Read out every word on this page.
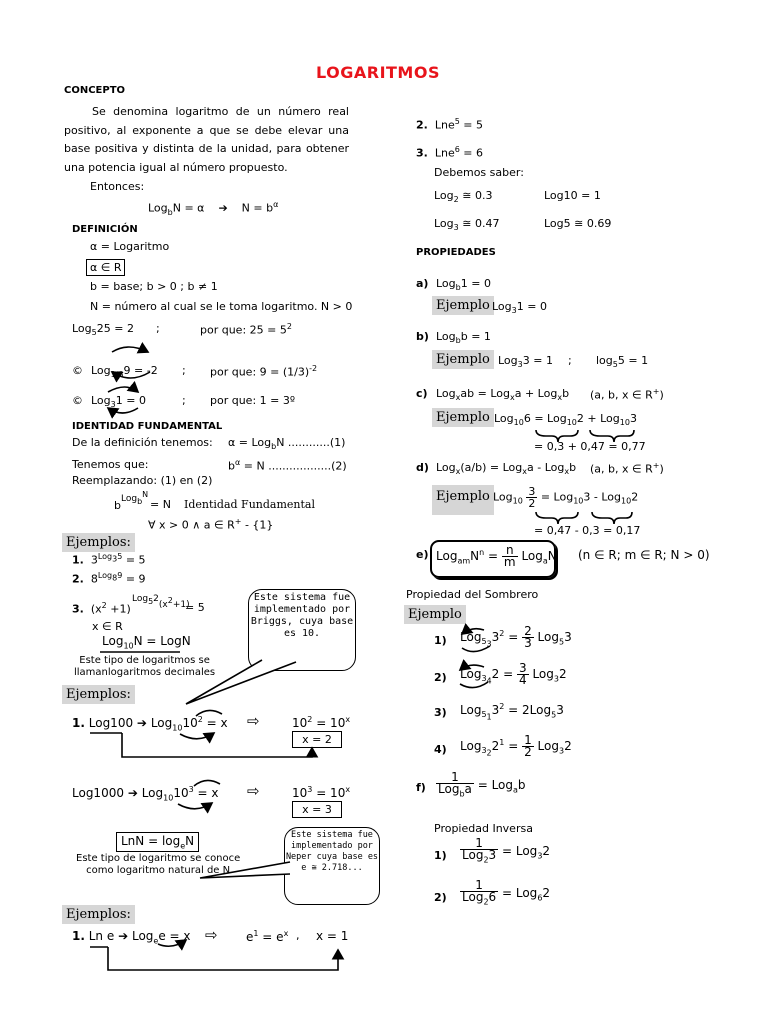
LOGARITMOS
CONCEPTO
Se denomina logaritmo de un número real positivo, al exponente a que se debe elevar una base positiva y distinta de la unidad, para obtener una potencia igual al número propuesto.
Entonces:
Log$_b$N = α ➔ $N = b^\alpha$
DEFINICIÓN
α = Logaritmo
α ∈ R
b = base; b > 0 ; b ≠ 1
N = número al cual se le toma logaritmo. N > 0
Log$_5$25 = 2 ;	por que: $25 = 5^2$
© Log$_{1/3}$9 = -2 ; por que: $9 = (1/3)^{-2}$
© Log$_3$1 = 0	; por que: 1 = 3º
IDENTIDAD FUNDAMENTAL
De la definición tenemos: α = Log$_b$N ............(1)
Tenemos que:	$b^\alpha = N$ ..................(2)
Reemplazando: (1) en (2)
bLog$_b^N$
= N Identidad Fundamental
∀ x > 0 ∧ a ∈ R+ - {1}
Ejemplos:
1. $3^{Log_35} = 5$
2. $8^{Log_89} = 9$
$Log_52(x^2+1)$
3. $(x^2 +1)$	= 5
x ∈ R
Log$_{10}$N = LogN
Este tipo de logaritmos se
llamanlogaritmos decimales
Este sistema fue implementado por Briggs, cuya base es 10.
Ejemplos:
1. Log100 ➔ $Log_{10}10^2 = x$ ⇨	$10^2 = 10^x$
x = 2
Log1000 ➔ $Log_{10}10^3 = x$ ⇨	$10^3 = 10^x$
x = 3
LnN = $\log_eN$
Este tipo de logaritmo se conoce
como logaritmo natural de N
Este sistema fue implementado por Neper cuya base es e ≅ 2.718...
Ejemplos:
1. Ln e ➔ Log$_e$e = x ⇨ $e^1 = e^x$ , x = 1
2. Lne$^5$ = 5
3. Lne$^6$ = 6
Debemos saber:
Log$_2$ ≅ 0.3	Log10 = 1
Log$_3$ ≅ 0.47	Log5 ≅ 0.69
PROPIEDADES
a) Log$_b$1 = 0
Ejemplo Log$_3$1 = 0
b) Log$_b$b = 1
Ejemplo Log$_3$3 = 1 ; $\log_55 = 1$
c) Log$_x$ab = Log$_x$a + Log$_x$b (a, b, x ∈ R+)
Ejemplo Log$_{10}$6 = Log$_{10}$2 + Log$_{10}$3
= 0,3 + 0,47 = 0,77
d) Log$_x$(a/b) = Log$_x$a - Log$_x$b (a, b, x ∈ R+)
Ejemplo $Log_{10} \frac{3}{2} = Log_{10}3 - Log_{10}2$
= 0,47 - 0,3 = 0,17
e) $Log_{am}N^n = \frac{n}{m} Log_aN$ (n ∈ R; m ∈ R; N > 0)
Propiedad del Sombrero
Ejemplo
1) $Log_{5_3}3^2 = \frac{2}{3} Log_53$
2) $Log_{3_4}2 = \frac{3}{4} Log_32$
3) $Log_{5_1}3^2 = 2Log_53$
4) $Log_{3_2}2^1 = \frac{1}{2} Log_32$
$f) \frac{1}{Log_ba} = Log_ab$
Propiedad Inversa
$1) \frac{1}{Log_23} = Log_32$
$2) \frac{1}{Log_26} = Log_62$
